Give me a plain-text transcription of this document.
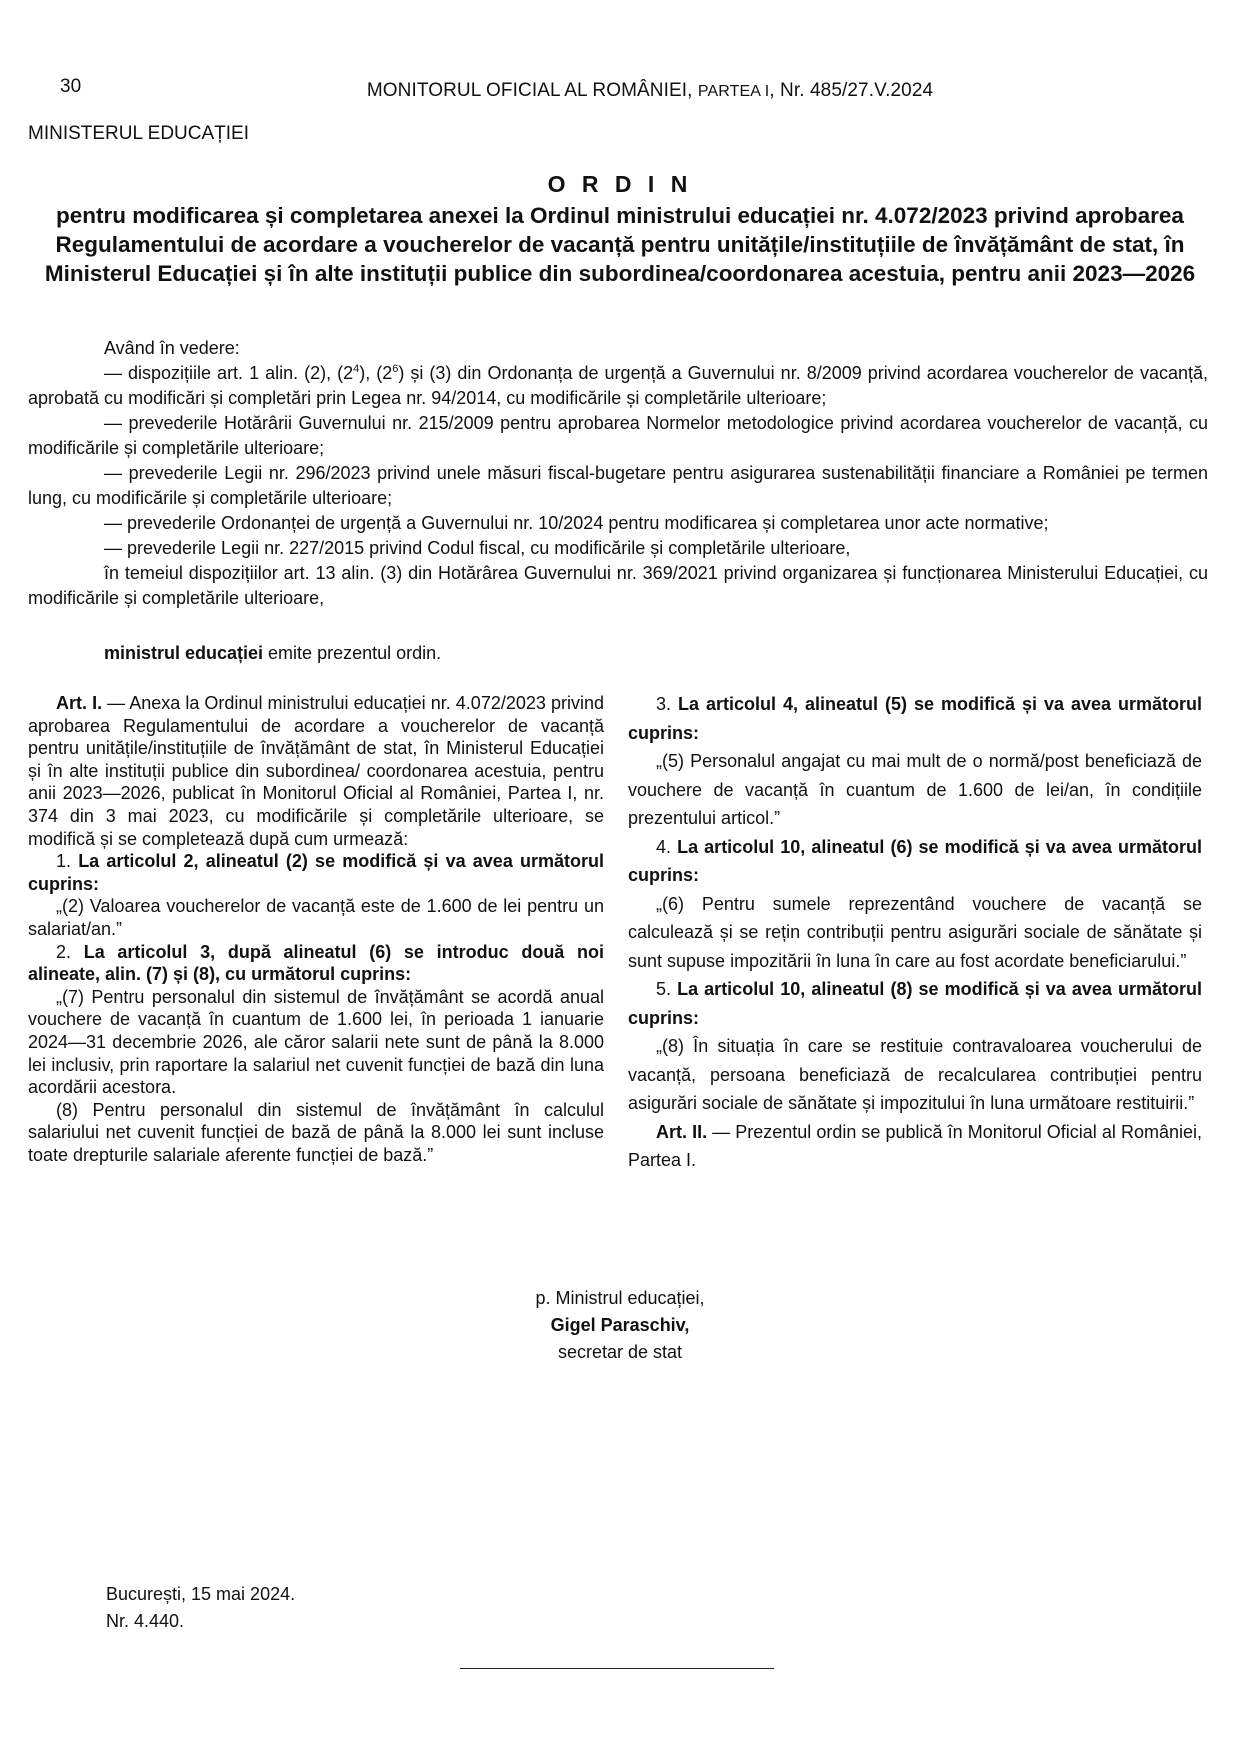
30	MONITORUL OFICIAL AL ROMÂNIEI, PARTEA I, Nr. 485/27.V.2024
MINISTERUL EDUCAȚIEI
O R D I N
pentru modificarea și completarea anexei la Ordinul ministrului educației nr. 4.072/2023 privind aprobarea Regulamentului de acordare a voucherelor de vacanță pentru unitățile/instituțiile de învățământ de stat, în Ministerul Educației și în alte instituții publice din subordinea/coordonarea acestuia, pentru anii 2023—2026

Având în vedere:

— dispozițiile art. 1 alin. (2), $(2^4)$, $(2^6)$ și (3) din Ordonanța de urgență a Guvernului nr. 8/2009 privind acordarea voucherelor de vacanță, aprobată cu modificări și completări prin Legea nr. 94/2014, cu modificările și completările ulterioare;

— prevederile Hotărârii Guvernului nr. 215/2009 pentru aprobarea Normelor metodologice privind acordarea voucherelor de vacanță, cu modificările și completările ulterioare;

— prevederile Legii nr. 296/2023 privind unele măsuri fiscal-bugetare pentru asigurarea sustenabilității financiare a României pe termen lung, cu modificările și completările ulterioare;

— prevederile Ordonanței de urgență a Guvernului nr. 10/2024 pentru modificarea și completarea unor acte normative;

— prevederile Legii nr. 227/2015 privind Codul fiscal, cu modificările și completările ulterioare,

în temeiul dispozițiilor art. 13 alin. (3) din Hotărârea Guvernului nr. 369/2021 privind organizarea și funcționarea Ministerului Educației, cu modificările și completările ulterioare,

ministrul educației emite prezentul ordin.

Art. I. — Anexa la Ordinul ministrului educației nr. 4.072/2023 privind aprobarea Regulamentului de acordare a voucherelor de vacanță pentru unitățile/instituțiile de învățământ de stat, în Ministerul Educației și în alte instituții publice din subordinea/ coordonarea acestuia, pentru anii 2023—2026, publicat în Monitorul Oficial al României, Partea I, nr. 374 din 3 mai 2023, cu modificările și completările ulterioare, se modifică și se completează după cum urmează:

1. La articolul 2, alineatul (2) se modifică și va avea următorul cuprins:

„(2) Valoarea voucherelor de vacanță este de 1.600 de lei pentru un salariat/an.”

2. La articolul 3, după alineatul (6) se introduc două noi alineate, alin. (7) și (8), cu următorul cuprins:

„(7) Pentru personalul din sistemul de învățământ se acordă anual vouchere de vacanță în cuantum de 1.600 lei, în perioada 1 ianuarie 2024—31 decembrie 2026, ale căror salarii nete sunt de până la 8.000 lei inclusiv, prin raportare la salariul net cuvenit funcției de bază din luna acordării acestora.

(8) Pentru personalul din sistemul de învățământ în calculul salariului net cuvenit funcției de bază de până la 8.000 lei sunt incluse toate drepturile salariale aferente funcției de bază.”

3. La articolul 4, alineatul (5) se modifică și va avea următorul cuprins:

„(5) Personalul angajat cu mai mult de o normă/post beneficiază de vouchere de vacanță în cuantum de 1.600 de lei/an, în condițiile prezentului articol.”

4. La articolul 10, alineatul (6) se modifică și va avea următorul cuprins:

„(6) Pentru sumele reprezentând vouchere de vacanță se calculează și se rețin contribuții pentru asigurări sociale de sănătate și sunt supuse impozitării în luna în care au fost acordate beneficiarului.”

5. La articolul 10, alineatul (8) se modifică și va avea următorul cuprins:

„(8) În situația în care se restituie contravaloarea voucherului de vacanță, persoana beneficiază de recalcularea contribuției pentru asigurări sociale de sănătate și impozitului în luna următoare restituirii.”

Art. II. — Prezentul ordin se publică în Monitorul Oficial al României, Partea I.

p. Ministrul educației,
Gigel Paraschiv,
secretar de stat
București, 15 mai 2024.
Nr. 4.440.
